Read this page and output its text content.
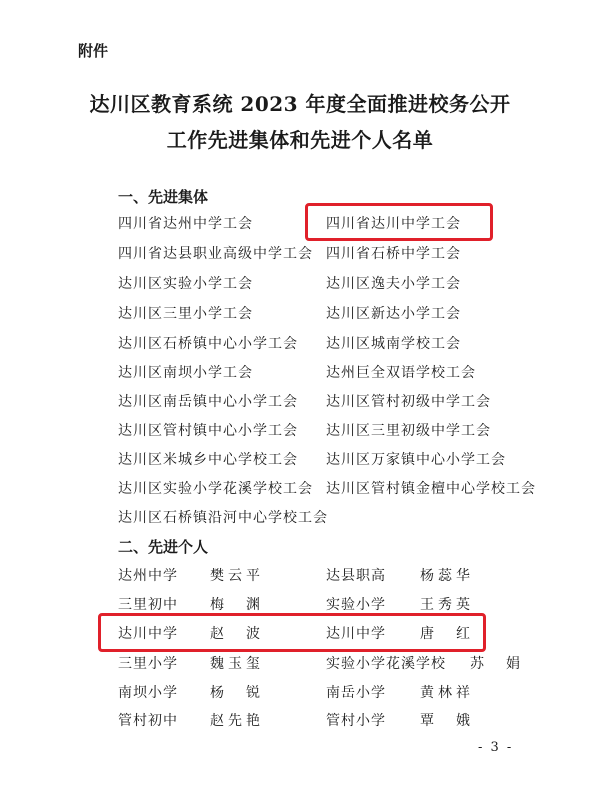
附件
达川区教育系统 2023 年度全面推进校务公开
工作先进集体和先进个人名单
一、先进集体
四川省达州中学工会	四川省达川中学工会
四川省达县职业高级中学工会 四川省石桥中学工会
达川区实验小学工会	达川区逸夫小学工会
达川区三里小学工会	达川区新达小学工会
达川区石桥镇中心小学工会 达川区城南学校工会
达川区南坝小学工会	达州巨全双语学校工会
达川区南岳镇中心小学工会 达川区管村初级中学工会
达川区管村镇中心小学工会 达川区三里初级中学工会
达川区米城乡中心学校工会 达川区万家镇中心小学工会
达川区实验小学花溪学校工会 达川区管村镇金檀中心学校工会
达川区石桥镇沿河中心学校工会
二、先进个人
达州中学 樊云平	达县职高 杨蕊华
三里初中 梅　渊	实验小学 王秀英
达川中学 赵　波	达川中学 唐　红
三里小学 魏玉玺	实验小学花溪学校 苏　娟
南坝小学 杨　锐	南岳小学 黄林祥
管村初中 赵先艳	管村小学 覃　娥
- 3 -
